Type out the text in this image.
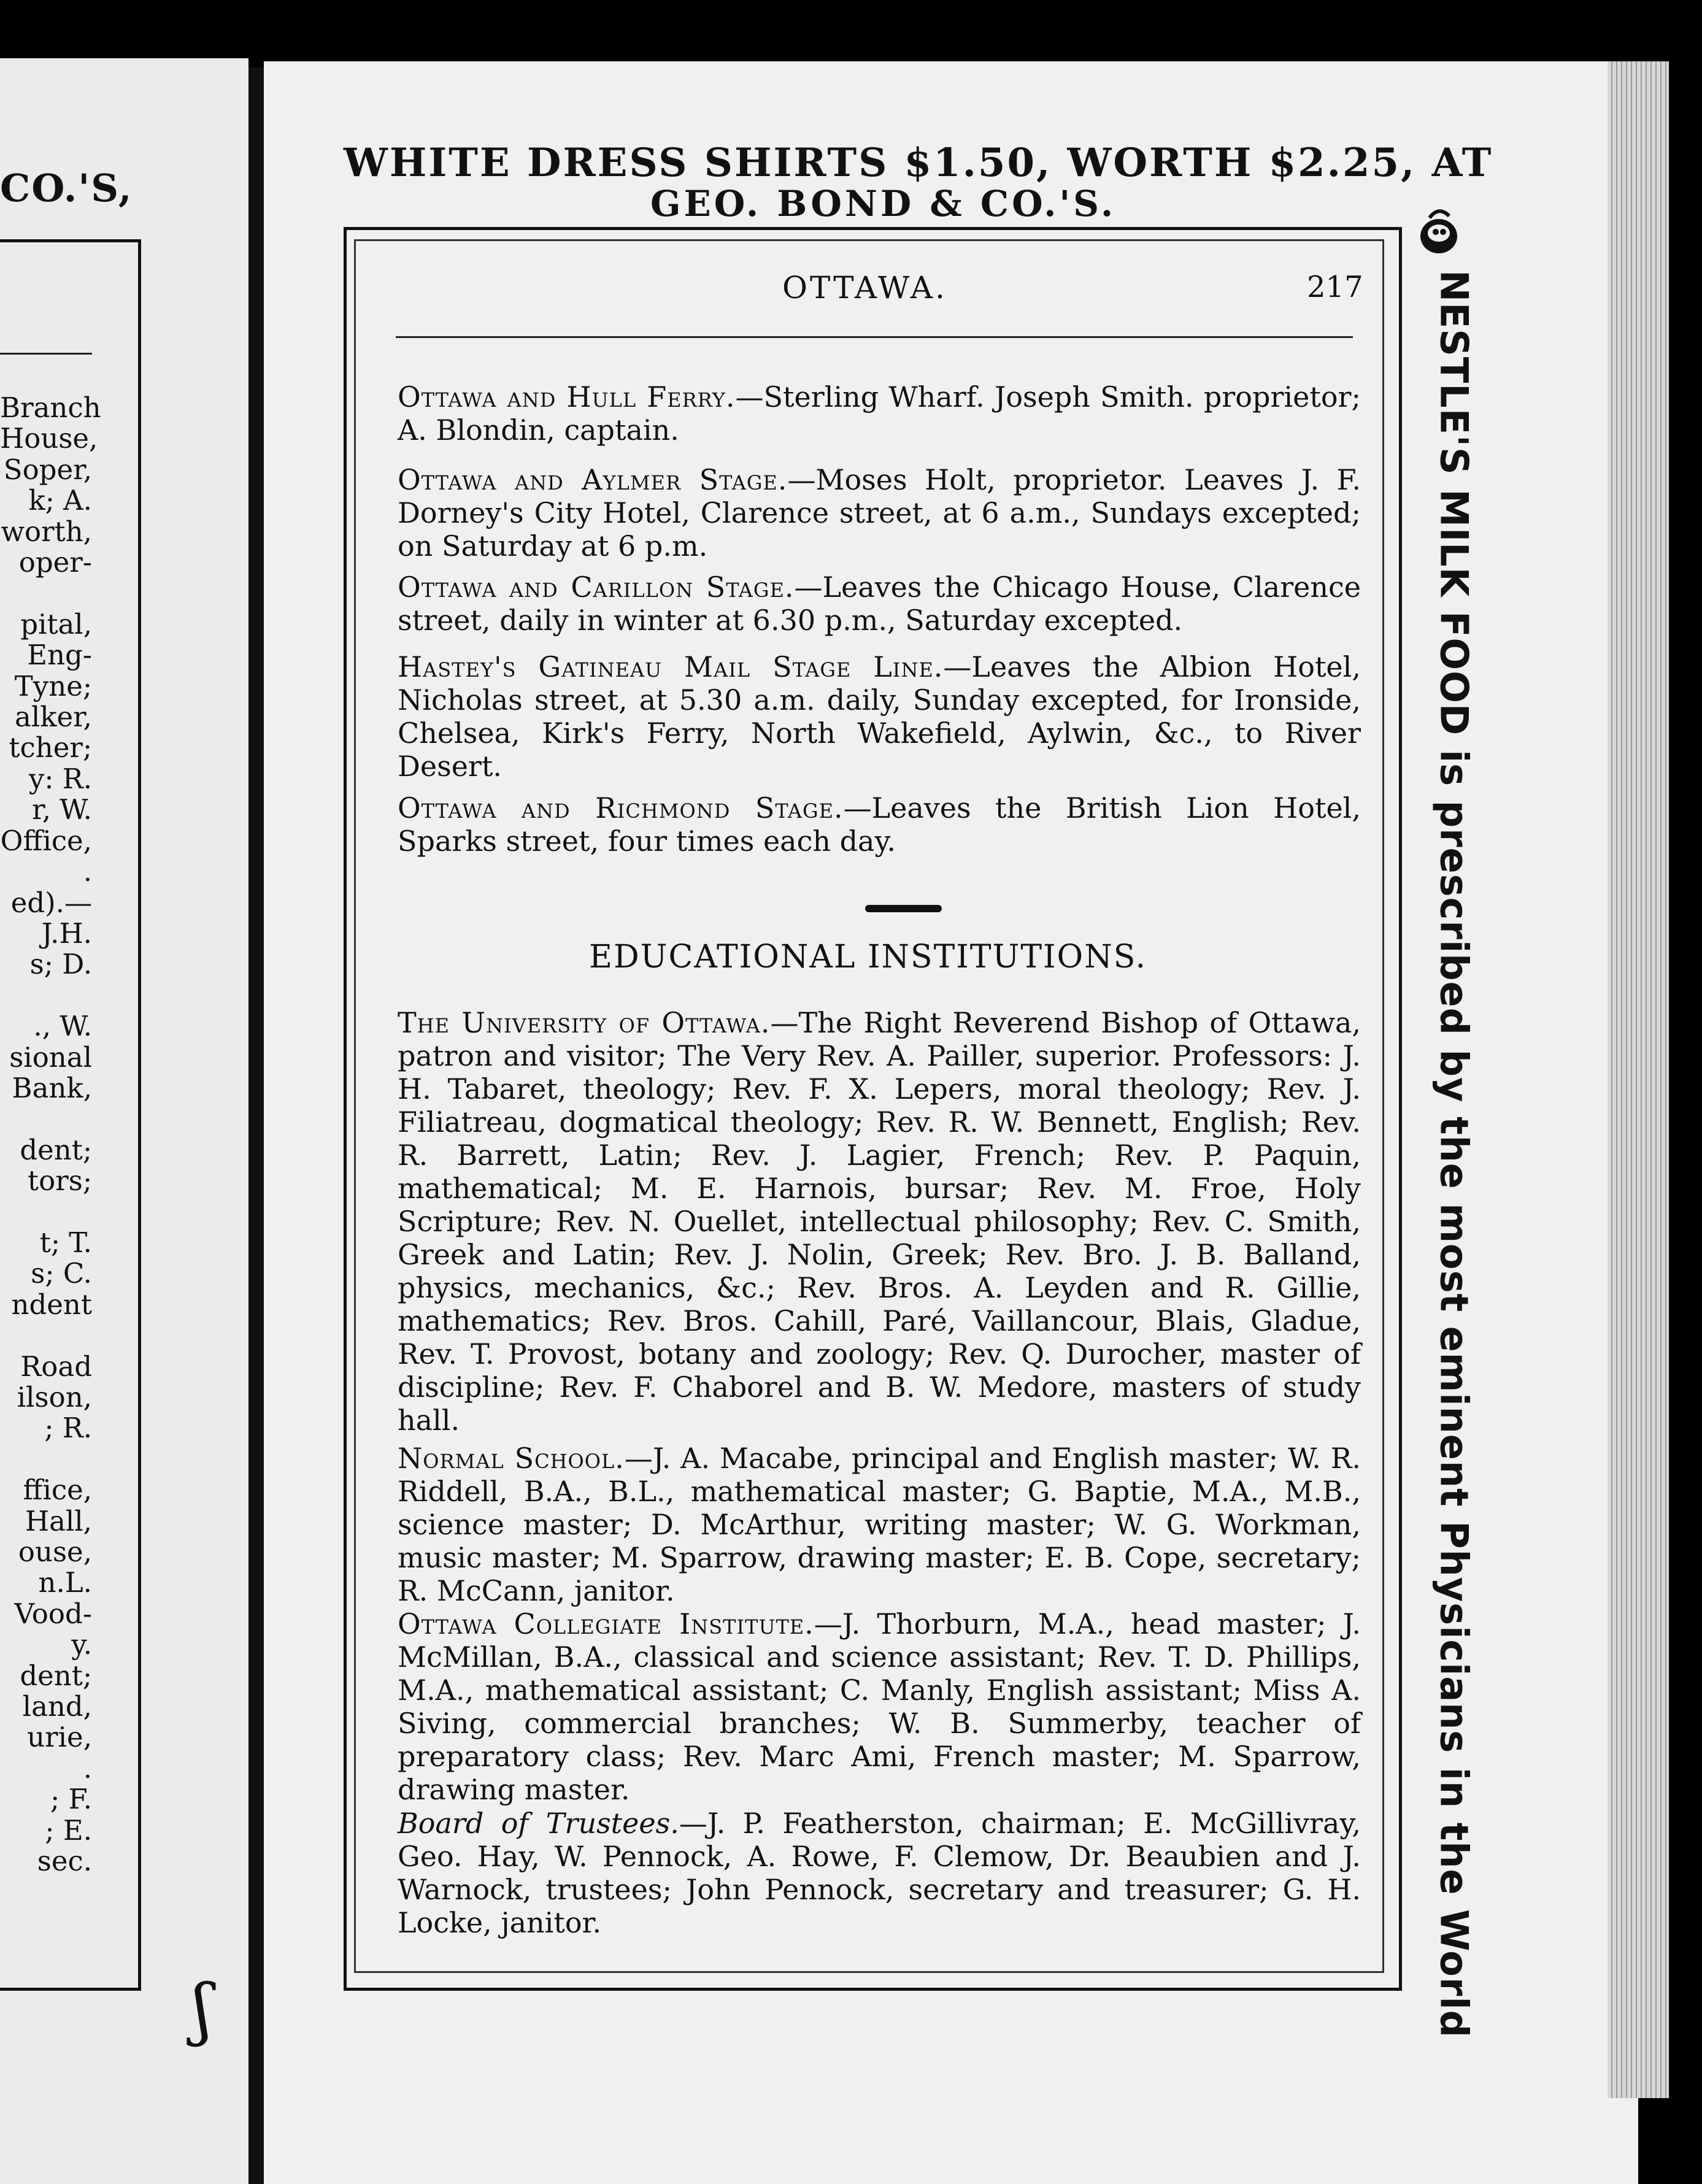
CO.'S,
Branch
House,
Soper,
k; A.
worth,
oper-

pital,
Eng-
Tyne;
alker,
tcher;
y: R.
r, W.
Office,
.
ed).—
J.H.
s; D.

., W.
sional
Bank,

dent;
tors;

t; T.
s; C.
ndent

Road
ilson,
; R.

ffice,
Hall,
ouse,
n.L.
Vood-
y.
dent;
land,
urie,
.
; F.
; E.
sec.
ʃ
WHITE DRESS SHIRTS $1.50, WORTH $2.25, AT
GEO. BOND & CO.'S.
OTTAWA.	217
Ottawa and Hull Ferry.—Sterling Wharf. Joseph Smith. proprietor; A. Blondin, captain.
Ottawa and Aylmer Stage.—Moses Holt, proprietor. Leaves J. F. Dorney's City Hotel, Clarence street, at 6 a.m., Sundays excepted; on Saturday at 6 p.m.
Ottawa and Carillon Stage.—Leaves the Chicago House, Clarence street, daily in winter at 6.30 p.m., Saturday excepted.
Hastey's Gatineau Mail Stage Line.—Leaves the Albion Hotel, Nicholas street, at 5.30 a.m. daily, Sunday excepted, for Ironside, Chelsea, Kirk's Ferry, North Wakefield, Aylwin, &c., to River Desert.
Ottawa and Richmond Stage.—Leaves the British Lion Hotel, Sparks street, four times each day.
EDUCATIONAL INSTITUTIONS.
The University of Ottawa.—The Right Reverend Bishop of Ottawa, patron and visitor; The Very Rev. A. Pailler, superior. Professors: J. H. Tabaret, theology; Rev. F. X. Lepers, moral theology; Rev. J. Filiatreau, dogmatical theology; Rev. R. W. Bennett, English; Rev. R. Barrett, Latin; Rev. J. Lagier, French; Rev. P. Paquin, mathematical; M. E. Harnois, bursar; Rev. M. Froe, Holy Scripture; Rev. N. Ouellet, intellectual philosophy; Rev. C. Smith, Greek and Latin; Rev. J. Nolin, Greek; Rev. Bro. J. B. Balland, physics, mechanics, &c.; Rev. Bros. A. Leyden and R. Gillie, mathematics; Rev. Bros. Cahill, Paré, Vaillancour, Blais, Gladue, Rev. T. Provost, botany and zoology; Rev. Q. Durocher, master of discipline; Rev. F. Chaborel and B. W. Medore, masters of study hall.
Normal School.—J. A. Macabe, principal and English master; W. R. Riddell, B.A., B.L., mathematical master; G. Baptie, M.A., M.B., science master; D. McArthur, writing master; W. G. Workman, music master; M. Sparrow, drawing master; E. B. Cope, secretary; R. McCann, janitor.
Ottawa Collegiate Institute.—J. Thorburn, M.A., head master; J. McMillan, B.A., classical and science assistant; Rev. T. D. Phillips, M.A., mathematical assistant; C. Manly, English assistant; Miss A. Siving, commercial branches; W. B. Summerby, teacher of preparatory class; Rev. Marc Ami, French master; M. Sparrow, drawing master.
Board of Trustees.—J. P. Featherston, chairman; E. McGillivray, Geo. Hay, W. Pennock, A. Rowe, F. Clemow, Dr. Beaubien and J. Warnock, trustees; John Pennock, secretary and treasurer; G. H. Locke, janitor.	NESTLE'S MILK FOOD is prescribed by the most eminent Physicians in the World
